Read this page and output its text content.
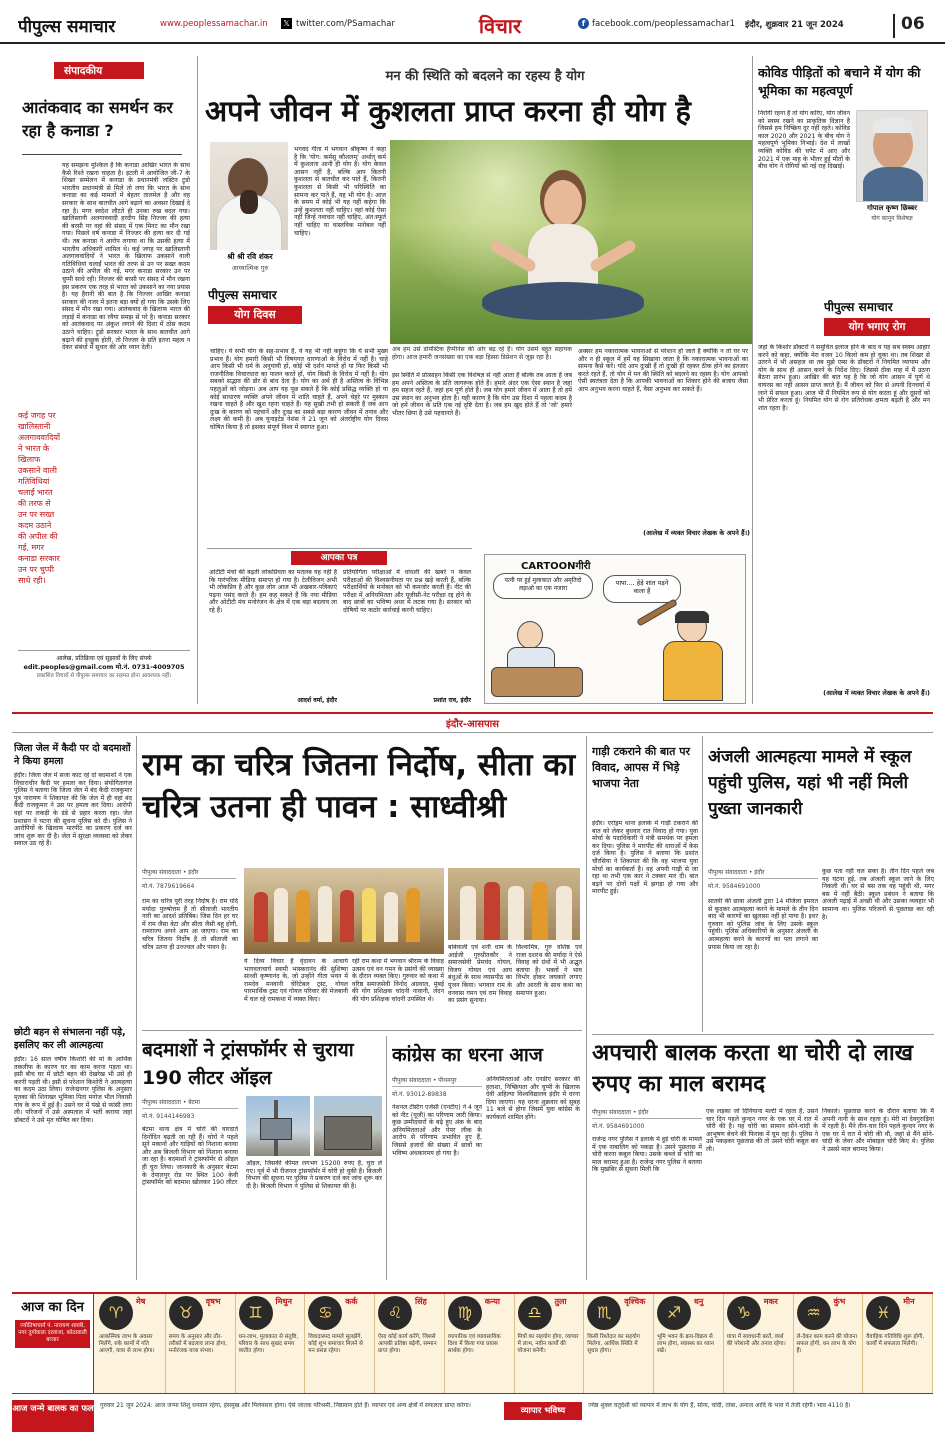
पीपुल्स समाचार	www.peoplessamachar.in	𝕏 twitter.com/PSamachar	विचार	f facebook.com/peoplessamachar1	इंदौर, शुक्रवार 21 जून 2024	06
संपादकीय
आतंकवाद का समर्थन कर रहा है कनाडा ?
यह समझना मुश्किल है कि कनाडा आखिर भारत के साथ कैसे रिश्ते रखना चाहता है। इटली में आयोजित जी-7 के शिखर सम्मेलन में कनाडा के प्रधानमंत्री जस्टिन ट्रूडो भारतीय प्रधानमंत्री से मिले तो लगा कि भारत के साथ कनाडा का कई मामलों में बेहतर तालमेल है और वह सरकार के साथ बातचीत आगे बढ़ाने का अवसर दिखाई दे रहा है। मगर स्वदेश लौटते ही उनका रुख बदल गया। खालिस्तानी अलगाववादी हरदीप सिंह निज्जर की हत्या की बरसी पर वहां की संसद में एक मिनट का मौन रखा गया। पिछले वर्ष कनाडा में निज्जर की हत्या कर दी गई थी। तब कनाडा ने आरोप लगाया था कि उसकी हत्या में भारतीय अधिकारी शामिल थे। कई जगह पर खालिस्तानी अलगाववादियों ने भारत के खिलाफ उकसाने वाली गतिविधियां चलाईं भारत की तरफ से उन पर सख्त कदम उठाने की अपील की गई, मगर कनाडा सरकार उन पर चुप्पी साधे रही। निज्जर की बरसी पर संसद में मौन रखना इस प्रकरण एक तरह से भारत को उकसाने का नया प्रयास है। यह हैरानी की बात है कि निज्जर आखिर कनाडा सरकार की नजर में इतना बड़ा क्यों हो गया कि उसके लिए संसद में मौन रखा गया। आतंकवाद के खिलाफ भारत की लड़ाई में कनाडा का रवैया समझ से परे है। कनाडा सरकार को आतंकवाद पर अंकुश लगाने की दिशा में ठोस कदम उठाने चाहिए। ट्रूडो सरकार भारत के साथ बातचीत आगे बढ़ाने की इच्छुक होती, तो निज्जर के प्रति इतना महत्व न देकर संबंधों में सुधार की ओर ध्यान देती।
कई जगह पर खालिस्तानी अलगाववादियों ने भारत के खिलाफ उकसाने वाली गतिविधियां चलाईं भारत की तरफ से उन पर सख्त कदम उठाने की अपील की गई, मगर कनाडा सरकार उन पर चुप्पी साधे रही।
आलेख, प्रतिक्रिया एवं सुझावों के लिए संपर्क
edit.peoples@gmail.com मो.नं. 0731-4009705
प्रकाशित विचारों से पीपुल्स समाचार का सहमत होना आवश्यक नहीं।
मन की स्थिति को बदलने का रहस्य है योग
अपने जीवन में कुशलता प्राप्त करना ही योग है
श्री श्री रवि शंकर
आध्यात्मिक गुरु
पीपुल्स समाचार
योग दिवस
भगवद गीता में भगवान श्रीकृष्ण ने कहा है कि 'योग: कर्मसु कौशलम्' अर्थात् कर्म में कुशलता आनी ही योग है। योग केवल आसन नहीं है, बल्कि आप कितनी कुशलता से बातचीत कर पाते हैं, कितनी कुशलता से किसी भी परिस्थिति का सामना कर पाते हैं, यह भी योग है। आज के समय में कोई भी यह नहीं कहेगा कि उन्हें कुशलता नहीं चाहिए। वहां कोई ऐसा नहीं जिन्हें नवाचार नहीं चाहिए, अंत:स्फूर्त नहीं चाहिए या वास्तविक मनोबल नहीं चाहिए।
अब हम उसे डोमेस्टिक हैप्पीनेस की ओर बढ़ रहे हैं। योग उसमें बहुत सहायक होगा। आज हमारी जनसंख्या का एक बड़ा हिस्सा डिप्रेशन से जूझ रहा है।
चाहिए। ये सभी योग के सह-प्रभाव हैं, ये यह भी नहीं कहूंगा कि ये सभी मुख्य प्रभाव हैं। योग हमारी किसी भी विषयगत धारणाओं के विरोध में नहीं है। चाहे आप किसी भी धर्म के अनुयायी हों, कोई भी दर्शन मानते हों या फिर किसी भी राजनीतिक विचारधारा का पालन करते हों, योग किसी के विरोध में नहीं है। योग सबको सद्भाव की डोर से बांध देता है। योग का अर्थ ही है अस्तित्व के विभिन्न पहलुओं को जोड़ना। अब आप यह पूछ सकते हैं कि कोई प्रसिद्ध व्यक्ति हो या कोई साधारण व्यक्ति अपने जीवन में शांति चाहते हैं, अपने चेहरे पर मुस्कान रखना चाहते हैं और खुश रहना चाहते हैं। यह सुखी तभी हो सकती है जब आप दुःख के कारण को पहचानें और दुःख का सबसे बड़ा कारण जीवन में तनाव और लक्ष्य की कमी है। अब यूनाइटेड नेशंस ने 21 जून को अंतर्राष्ट्रीय योग दिवस घोषित किया है तो इसका संपूर्ण विश्व में स्वागत हुआ।
इस स्थिति में प्रोत्साहन किसी एक विशेषज्ञ से नहीं आता है बल्कि तब आता है जब हम अपने अस्तित्व के प्रति जागरूक होते हैं। हमारे अंदर एक ऐसा स्थान है जहां हम सहज रहते हैं, जहां हम पूर्ण होते हैं। जब योग हमारे जीवन में आता है तो हमें उस स्थान का अनुभव होता है। यही कारण है कि योग उस दिशा में पहला कदम है जो हमें जीवन के प्रति एक नई दृष्टि देता है। जब हम खुद हाेते हैं तो 'जो' हमारे भीतर छिपा है उसे पहचानते हैं।
अक्सर हम नकारात्मक भावनाओं से परेशान हो जाते हैं क्योंकि न तो घर पर और न ही स्कूल में हमें यह सिखाया जाता है कि नकारात्मक भावनाओं का सामना कैसे करें। यदि आप दुःखी हैं तो दुःखी ही रहकर ठीक होने का इंतजार करते रहते हैं, तो योग में मन की स्थिति को बदलने का रहस्य है। योग आपको ऐसी स्वतंत्रता देता है कि आपकी भावनाओं का शिकार होने की बजाय जैसा आप अनुभव करना चाहते हैं, वैसा अनुभव कर सकते हैं।
(आलेख में व्यक्त विचार लेखक के अपने हैं।)
कोविड पीड़ितों को बचाने में योग की भूमिका का महत्वपूर्ण
निरोगी रहना है तो योग करिए, योग जीवन को स्वस्थ रखने का प्राकृतिक विज्ञान है जिससे हम निष्क्रिय दूर नहीं रहते। कोविड काल 2020 और 2021 के बीच योग ने महत्वपूर्ण भूमिका निभाई। देश में लाखों व्यक्ति कोविड की चपेट में आए और 2021 में एक माह के भीतर हुई मौतों के बीच योग ने रोगियों को नई राह दिखाई।
गोपाल कृष्ण छिब्बर
योग कानून विशेषज्ञ
पीपुल्स समाचार
योग भगाए रोग
जहां के किशोर डॉक्टरों ने समुचित इलाज होने के बाद व यह सब स्वस्थ आहार करने को कहा, क्योंकि मेरा वजन 10 किलो कम हो चुका था। तब शिखर से उतरने में भी असहज था तब मुझे एम्स के डॉक्टरों ने नियमित व्यायाम और योग के साथ ही आसन करने के निर्देश दिए। जिससे ठीक माह में मैं उठना बैठना प्रारंभ हुआ। आखिर की बात यह है कि जो योग आसन में पूर्ण थे वायरस का नहीं आसन प्राप्त करते हैं। मैं जीवन को फिर से अपनी दिनचर्या में लाने में सफल हुआ। आज भी मैं नियमित रूप से योग करता हूं और दूसरों को भी प्रेरित करता हूं। नियमित योग से रोग प्रतिरोधक क्षमता बढ़ती है और मन शांत रहता है।
(आलेख में व्यक्त विचार लेखक के अपने हैं।)
आपका पत्र
ओटीटी मंचों की बढ़ती लोकप्रियता का मतलब यह नहीं है कि पारंपरिक मीडिया समाप्त हो गया है। टेलीविजन अभी भी लोकप्रिय है और कुछ लोग आज भी अखबार-पत्रिकाएं पढ़ना पसंद करते हैं। हम कह सकते हैं कि नया मीडिया और ओटीटी मंच मनोरंजन के क्षेत्र में एक बड़ा बदलाव ला रहे हैं।
आदर्श वर्मा, इंदौर
प्रतियोगिता परीक्षाओं में धांधली की खबरें न केवल परीक्षाओं की विश्वसनीयता पर प्रश्न खड़े करती हैं, बल्कि परीक्षार्थियों के मनोबल को भी कमजोर करती हैं। नीट की परीक्षा में अनियमितता और यूजीसी-नेट परीक्षा रद्द होने के बाद छात्रों का भविष्य अधर में लटक गया है। सरकार को दोषियों पर कठोर कार्रवाई करनी चाहिए।
प्रशांत राव, इंदौर
CARTOONगीरी
पत्नी पर हुई मुलाकात और अमृतिदो लड़ाओ का एक नजारा
पापा.... हेड़े शांत पड़ने वाला है
इंदौर-आसपास
जिला जेल में कैदी पर दो बदमाशों ने किया हमला
इंदौर। जिला जेल में सजा काट रहे दो बदमाशों ने एक विचाराधीन कैदी पर हमला कर दिया। संयोगितागंज पुलिस ने बताया कि जिला जेल में बंद कैदी राजकुमार पुत्र नारायण ने शिकायत की कि जेल में ही वहां बंद कैदी राजकुमार ने उस पर हमला कर दिया। आरोपी वहां पर लकड़ी के डंडे से प्रहार करता रहा। जेल प्रशासन ने घटना की सूचना पुलिस को दी। पुलिस ने आरोपियों के खिलाफ मारपीट का प्रकरण दर्ज कर जांच शुरू कर दी है। जेल में सुरक्षा व्यवस्था को लेकर सवाल उठ रहे हैं।
छोटी बहन से संभालना नहीं पड़े, इसलिए कर ली आत्महत्या
इंदौर। 16 साल वर्षीय किशोरी की मां के आर्थिक तकलीफ के कारण घर का काम करना पड़ता था। इसी बीच घर में छोटी बहन की देखरेख भी उसे ही करनी पड़ती थी। इसी से परेशान किशोरी ने आत्महत्या का कदम उठा लिया। राजेन्द्रनगर पुलिस के अनुसार मृतका की शिनाख्त भूमिका पिता मनोज भील निवासी गांव के रूप में हुई है। उसने घर में पंखे से फांसी लगा ली। परिजनों ने उसे अस्पताल में भर्ती कराया जहां डॉक्टरों ने उसे मृत घोषित कर दिया।
राम का चरित्र जितना निर्दोष, सीता का चरित्र उतना ही पावन : साध्वीश्री
पीपुल्स संवाददाता • इंदौर
मो.नं. 7879619664
राम का चरित्र पूरी तरह निर्दोष है। राम यदि मर्यादा पुरुषोत्तम हैं तो सीताजी भारतीय नारी का आदर्श प्रतिबिंब। जिस दिन हर घर में राम जैसा बेटा और सीता जैसी बहू होगी, रामराज्य अपने आप आ जाएगा। राम का चरित्र जितना निर्दोष है तो सीताजी का चरित्र उतना ही उज्ज्वल और पावन है।
ये दिव्य विचार हैं वृंदावन के आचार्य भागवताचार्य स्वामी भास्करानंद की सुशिष्या साध्वी कृष्णानंद के, जो उन्होंने गीता भवन में रामदेव मनवानी चेरिटेबल ट्रस्ट, गोयल पारमार्थिक ट्रस्ट एवं गोयल परिवार की मेजबानी में चल रहे रामकथा में व्यक्त किए।
रही राम कथा में भगवान श्रीराम के विवाह उत्सव एवं वन गमन के प्रसंगों की व्याख्या के दौरान व्यक्त किए। गुरुवार को कथा में वरिष्ठ समाजसेवी विनोद अग्रवाल, मुंबई की योग प्रशिक्षक चांदनी नावानी, लंदन की योग प्रशिक्षक चांदनी उपस्थित थे।
बांबेवाली एवं शनी धाम के आईजी गुरुप्रीतकौर ने समाजसेवी प्रेमचंद गोयल, विजय गोयल एवं आय बंधुओं के साथ व्यासपीठ का पूजन किया। भगवान राम के वनवास गमन एवं राम विवाह का प्रसंग सुनाया।
विश्वामित्र, गुरु वशिष्ठ एवं राजा दशरथ की मर्यादा ने ऐसे विवाह को ग्रंथों में भी अद्भुत बताया है। भक्तों ने भाव विभोर होकर जयकारे लगाए और आरती के साथ कथा का समापन हुआ।
बदमाशों ने ट्रांसफॉर्मर से चुराया 190 लीटर ऑइल
पीपुल्स संवाददाता • बेटमा
मो.नं. 9144146983
बेटमा थाना क्षेत्र में चोरों की वारदातें दिनोंदिन बढ़ती जा रही हैं। चोरों ने पहले सूने मकानों और गाड़ियों को निशाना बनाया और अब बिजली विभाग को निशाना बनाया जा रहा है। बदमाशों ने ट्रांसफॉर्मर से ऑइल ही चुरा लिया। जानकारी के अनुसार बेटमा के देपालपुर रोड पर स्थित 100 केवी ट्रांसफॉर्मर को बदमाश खोलकर 190 लीटर
ऑइल, जिसकी कीमत लगभग 15200 रुपए है, चुरा ले गए। पूर्व में भी रीजनल ट्रांसफॉर्मर में चोरी हो चुकी है। बिजली विभाग की सूचना पर पुलिस ने प्रकरण दर्ज कर जांच शुरू कर दी है। बिजली विभाग ने पुलिस से शिकायत की है।
कांग्रेस का धरना आज
पीपुल्स संवाददाता • पीथमपुर
मो.नं. 93012-89838
नेशनल टेस्टिंग एजेंसी (एनटीए) ने 4 जून को नीट (यूजी) का परिणाम जारी किया। कुछ उम्मीदवारों के बढ़े हुए अंक के बाद अनियमितताओं और पेपर लीक के आरोप से परिणाम प्रभावित हुए हैं, जिससे हजारों की संख्या में छात्रों का भविष्य अंधकारमय हो गया है।
अनियमितताओं और एनडीए सरकार की हताशा, निष्क्रियता और चुप्पी के खिलाफ देवी अहिल्या विश्वविद्यालय इंदौर में धरना दिया जाएगा। यह धरना शुक्रवार को सुबह 11 बजे से होगा जिसमें युवा कांग्रेस के कार्यकर्ता शामिल होंगे।
गाड़ी टकराने की बात पर विवाद, आपस में भिड़े भाजपा नेता
इंदौर। एरोड्रम थाना इलाके में गाड़ी टकराने की बात को लेकर बुधवार रात विवाद हो गया। युवा मोर्चा के पदाधिकारी ने मंत्री समर्थक पर हमला कर दिया। पुलिस ने मारपीट की धाराओं में केस दर्ज किया है। पुलिस ने बताया कि प्रशांत चौरसिया ने शिकायत की कि वह भाजपा युवा मोर्चा का कार्यकर्ता है। वह अपनी गाड़ी से जा रहा था तभी एक कार ने टक्कर मार दी। बात बढ़ने पर दोनों पक्षों में झगड़ा हो गया और मारपीट हुई।
अंजली आत्महत्या मामले में स्कूल पहुंची पुलिस, यहां भी नहीं मिली पुख्ता जानकारी
पीपुल्स संवाददाता • इंदौर
मो.नं. 9584691000
सातवीं की छात्रा अंजली द्वारा 14 मंजिला इमारत से कूदकर आत्महत्या करने के मामले के तीन दिन बाद भी कारणों का खुलासा नहीं हो पाया है। इधर गुरुवार को पुलिस जांच के लिए उसके स्कूल पहुंची। पुलिस अधिकारियों के अनुसार अंजली के आत्महत्या करने के कारणों का पता लगाने का प्रयास किया जा रहा है।
कुछ पता नहीं चल सका है। तीन दिन पहले जब यह घटना हुई, तब अंजली स्कूल जाने के लिए निकली थी। घर से बस तक वह पहुंची थी, मगर बस में नहीं बैठी। स्कूल प्रबंधन ने बताया कि अंजली पढ़ाई में अच्छी थी और उसका व्यवहार भी सामान्य था। पुलिस परिजनों से पूछताछ कर रही है।
अपचारी बालक करता था चोरी दो लाख रुपए का माल बरामद
पीपुल्स संवाददाता • इंदौर
मो.नं. 9584691000
राजेन्द्र नगर पुलिस ने इलाके में हुई चोरी के मामले में एक नाबालिग को पकड़ा है। उसने पूछताछ में चोरी करना कबूल किया। उसके कब्जे से चोरी का माल बरामद हुआ है। राजेन्द्र नगर पुलिस ने बताया कि मुखबिर से सूचना मिली कि
एक लड़का जो दिनियाना मल्टी में रहता है, उसने चार दिन पहले कुन्दन नगर के एक घर में रात में चोरी की है। यह चोरी का सामान सोने-चांदी के आभूषण बेचने की फिराक में घूम रहा है। पुलिस ने उसे पकड़कर पूछताछ की तो उसने चोरी कबूल कर ली।
निकाले। पूछताछ करने के दौरान बताया कि मैं अपनी नानी के साथ रहता हूं। मेरी मां देवगुराड़िया में रहती है। मैंने तीन-चार दिन पहले कुन्दन नगर के एक घर में रात में चोरी की थी, जहां से मैंने सोने-चांदी के जेवर और मोबाइल चोरी किए थे। पुलिस ने उससे माल बरामद किया।
आज का दिन
ज्योतिषाचार्य पं. नारायण शास्त्री, नगर दुर्गावाला दरवाजा, कोठावाली बाजार
♈
मेष
आकस्मिक लाभ के अवसर मिलेंगे, रुके कामों में गति आएगी, यात्रा से लाभ होगा।
♉
वृषभ
समय के अनुसार और तौर-तरीकों में बदलाव लाना होगा, मनोरंजक यात्रा संभव।
♊
मिथुन
धन-लाभ, मुलाकात से संतुष्टि, परिवार के साथ सुखद समय व्यतीत होगा।
♋
कर्क
विवादास्पद मामले सुलझेंगे, कोई शुभ समाचार मिलने से मन प्रसन्न रहेगा।
♌
सिंह
ऐसा कोई कार्य करेंगे, जिससे आपकी प्रतिष्ठा बढ़ेगी, सम्मान प्राप्त होगा।
♍
कन्या
व्यापारिक एवं व्यावसायिक दिशा में किया गया प्रयास सार्थक होगा।
♎
तुला
मित्रों का सहयोग होगा, व्यापार में लाभ, नवीन कार्यों की योजना बनेगी।
♏
वृश्चिक
किसी रिश्तेदार का सहयोग मिलेगा, आर्थिक स्थिति में सुधार होगा।
♐
धनु
भूमि भवन के क्रय-विक्रय से लाभ होगा, स्वास्थ्य का ध्यान रखें।
♑
मकर
यात्रा में सावधानी बरतें, व्यर्थ की परेशानी और तनाव रहेगा।
♒
कुंभ
ले-देकर काम करने की योजना सफल होगी, धन लाभ के योग हैं।
♓
मीन
वैवाहिक गतिविधि शुरू होगी, कार्यों में सफलता मिलेगी।
आज जन्मे बालक का फल गुरुवार 21 जून 2024: आज जन्मा शिशु धनवान रहेगा, हंसमुख और मिलनसार होगा। ऐसे जातक परिश्रमी, निष्ठावान होते हैं। व्यापार एवं अन्य क्षेत्रों में सफलता प्राप्त करेगा।
व्यापार भविष्य
ज्येष्ठ शुक्ल चतुर्दशी को व्यापार में लाभ के योग हैं, सोना, चांदी, तांबा, अनाज आदि के भाव में तेजी रहेगी। भाव 4110 है।
